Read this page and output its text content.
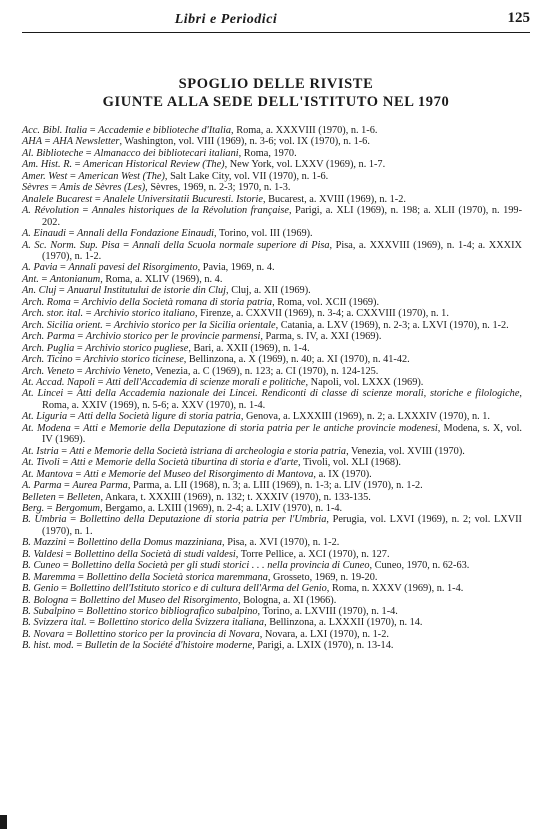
Libri e Periodici	125
SPOGLIO DELLE RIVISTE
GIUNTE ALLA SEDE DELL'ISTITUTO NEL 1970

Acc. Bibl. Italia = Accademie e biblioteche d'Italia, Roma, a. XXXVIII (1970), n. 1-6.

AHA = AHA Newsletter, Washington, vol. VIII (1969), n. 3-6; vol. IX (1970), n. 1-6.

Al. Biblioteche = Almanacco dei bibliotecari italiani, Roma, 1970.

Am. Hist. R. = American Historical Review (The), New York, vol. LXXV (1969), n. 1-7.

Amer. West = American West (The), Salt Lake City, vol. VII (1970), n. 1-6.

Sèvres = Amis de Sèvres (Les), Sèvres, 1969, n. 2-3; 1970, n. 1-3.

Analele Bucarest = Analele Universitatii Bucuresti. Istorie, Bucarest, a. XVIII (1969), n. 1-2.

A. Révolution = Annales historiques de la Révolution française, Parigi, a. XLI (1969), n. 198; a. XLII (1970), n. 199-202.

A. Einaudi = Annali della Fondazione Einaudi, Torino, vol. III (1969).

A. Sc. Norm. Sup. Pisa = Annali della Scuola normale superiore di Pisa, Pisa, a. XXXVIII (1969), n. 1-4; a. XXXIX (1970), n. 1-2.

A. Pavia = Annali pavesi del Risorgimento, Pavia, 1969, n. 4.

Ant. = Antonianum, Roma, a. XLIV (1969), n. 4.

An. Cluj = Anuarul Institutului de istorie din Cluj, Cluj, a. XII (1969).

Arch. Roma = Archivio della Società romana di storia patria, Roma, vol. XCII (1969).

Arch. stor. ital. = Archivio storico italiano, Firenze, a. CXXVII (1969), n. 3-4; a. CXXVIII (1970), n. 1.

Arch. Sicilia orient. = Archivio storico per la Sicilia orientale, Catania, a. LXV (1969), n. 2-3; a. LXVI (1970), n. 1-2.

Arch. Parma = Archivio storico per le provincie parmensi, Parma, s. IV, a. XXI (1969).

Arch. Puglia = Archivio storico pugliese, Bari, a. XXII (1969), n. 1-4.

Arch. Ticino = Archivio storico ticinese, Bellinzona, a. X (1969), n. 40; a. XI (1970), n. 41-42.

Arch. Veneto = Archivio Veneto, Venezia, a. C (1969), n. 123; a. CI (1970), n. 124-125.

At. Accad. Napoli = Atti dell'Accademia di scienze morali e politiche, Napoli, vol. LXXX (1969).

At. Lincei = Atti della Accademia nazionale dei Lincei. Rendiconti di classe di scienze morali, storiche e filologiche, Roma, a. XXIV (1969), n. 5-6; a. XXV (1970), n. 1-4.

At. Liguria = Atti della Società ligure di storia patria, Genova, a. LXXXIII (1969), n. 2; a. LXXXIV (1970), n. 1.

At. Modena = Atti e Memorie della Deputazione di storia patria per le antiche provincie modenesi, Modena, s. X, vol. IV (1969).

At. Istria = Atti e Memorie della Società istriana di archeologia e storia patria, Venezia, vol. XVIII (1970).

At. Tivoli = Atti e Memorie della Società tiburtina di storia e d'arte, Tivoli, vol. XLI (1968).

At. Mantova = Atti e Memorie del Museo del Risorgimento di Mantova, a. IX (1970).

A. Parma = Aurea Parma, Parma, a. LII (1968), n. 3; a. LIII (1969), n. 1-3; a. LIV (1970), n. 1-2.

Belleten = Belleten, Ankara, t. XXXIII (1969), n. 132; t. XXXIV (1970), n. 133-135.

Berg. = Bergomum, Bergamo, a. LXIII (1969), n. 2-4; a. LXIV (1970), n. 1-4.

B. Umbria = Bollettino della Deputazione di storia patria per l'Umbria, Perugia, vol. LXVI (1969), n. 2; vol. LXVII (1970), n. 1.

B. Mazzini = Bollettino della Domus mazziniana, Pisa, a. XVI (1970), n. 1-2.

B. Valdesi = Bollettino della Società di studi valdesi, Torre Pellice, a. XCI (1970), n. 127.

B. Cuneo = Bollettino della Società per gli studi storici . . . nella provincia di Cuneo, Cuneo, 1970, n. 62-63.

B. Maremma = Bollettino della Società storica maremmana, Grosseto, 1969, n. 19-20.

B. Genio = Bollettino dell'Istituto storico e di cultura dell'Arma del Genio, Roma, n. XXXV (1969), n. 1-4.

B. Bologna = Bollettino del Museo del Risorgimento, Bologna, a. XI (1966).

B. Subalpino = Bollettino storico bibliografico subalpino, Torino, a. LXVIII (1970), n. 1-4.

B. Svizzera ital. = Bollettino storico della Svizzera italiana, Bellinzona, a. LXXXII (1970), n. 14.

B. Novara = Bollettino storico per la provincia di Novara, Novara, a. LXI (1970), n. 1-2.

B. hist. mod. = Bulletin de la Société d'histoire moderne, Parigi, a. LXIX (1970), n. 13-14.
